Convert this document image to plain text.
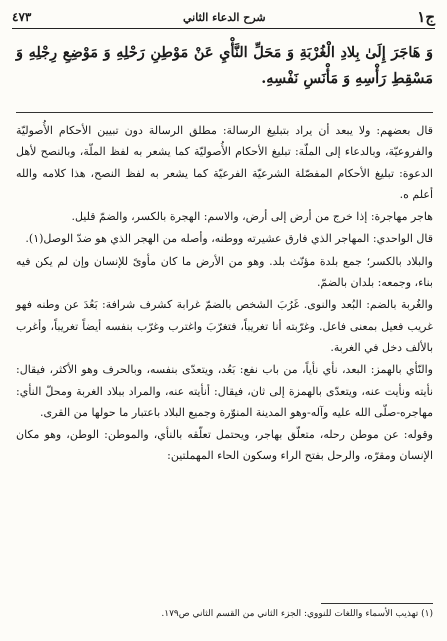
ج١
شرح الدعاء الثاني
٤٧٣
وَ هَاجَرَ إِلَىٰ بِلادِ الْغُرْبَةِ وَ مَحَلِّ النَّأْيِ عَنْ مَوْطِنِ رَحْلِهِ وَ مَوْضِعِ رِجْلِهِ وَ مَسْقِطِ رَأْسِهِ وَ مَأْنَسِ نَفْسِهِ.

قال بعضهم: ولا يبعد أن يراد بتبليغ الرسالة: مطلق الرسالة دون تبيين الأحكام الأُصوليّة والفروعيّة، وبالدعاء إلى الملّة: تبليغ الأحكام الأُصوليّة كما يشعر به لفظ الملّة، وبالنصح لأهل الدعوة: تبليغ الأحكام المفصّلة الشرعيّة الفرعيّة كما يشعر به لفظ النصح، هذا كلامه والله أعلم ه.

هاجر مهاجرة: إذا خرج من أرض إلى أرض، والاسم: الهجرة بالكسر، والضمّ قليل.

قال الواحدي: المهاجر الذي فارق عشيرته ووطنه، وأصله من الهجر الذي هو ضدّ الوصل(١).

والبلاد بالكسر؛ جمع بلدة مؤنّث بلد. وهو من الأرض ما كان مأوىً للإنسان وإن لم يكن فيه بناء، وجمعه: بلدان بالضمّ.

والغُربة بالضم: البُعد والنوى. غَرُبَ الشخص بالضمّ غرابة كشرف شرافة: بَعُدَ عن وطنه فهو غريب فعيل بمعنى فاعل. وغرّبته أنا تغريباً، فتغرّبَ واغترب وغرّب بنفسه أيضاً تغريباً، وأغرب بالألف دخل في الغربة.

والنّأي بالهمز: البعد، نأي نأياً، من باب نفع: بَعُد، ويتعدّى بنفسه، وبالحرف وهو الأكثر، فيقال: نأيته ونأيت عنه، ويتعدّى بالهمزة إلى ثان، فيقال: أنأيته عنه، والمراد ببلاد الغربة ومحلّ النأي: مهاجره-صلّى الله عليه وآله-وهو المدينة المنوّرة وجميع البلاد باعتبار ما حولها من القرى.

وقوله: عن موطن رحله، متعلّق بهاجر، ويحتمل تعلّقه بالنأي، والموطن: الوطن، وهو مكان الإنسان ومقرّه، والرحل بفتح الراء وسكون الحاء المهملتين:

(١) تهذيب الأسماء واللغات للنووي: الجزء الثاني من القسم الثاني ص١٧٩.
